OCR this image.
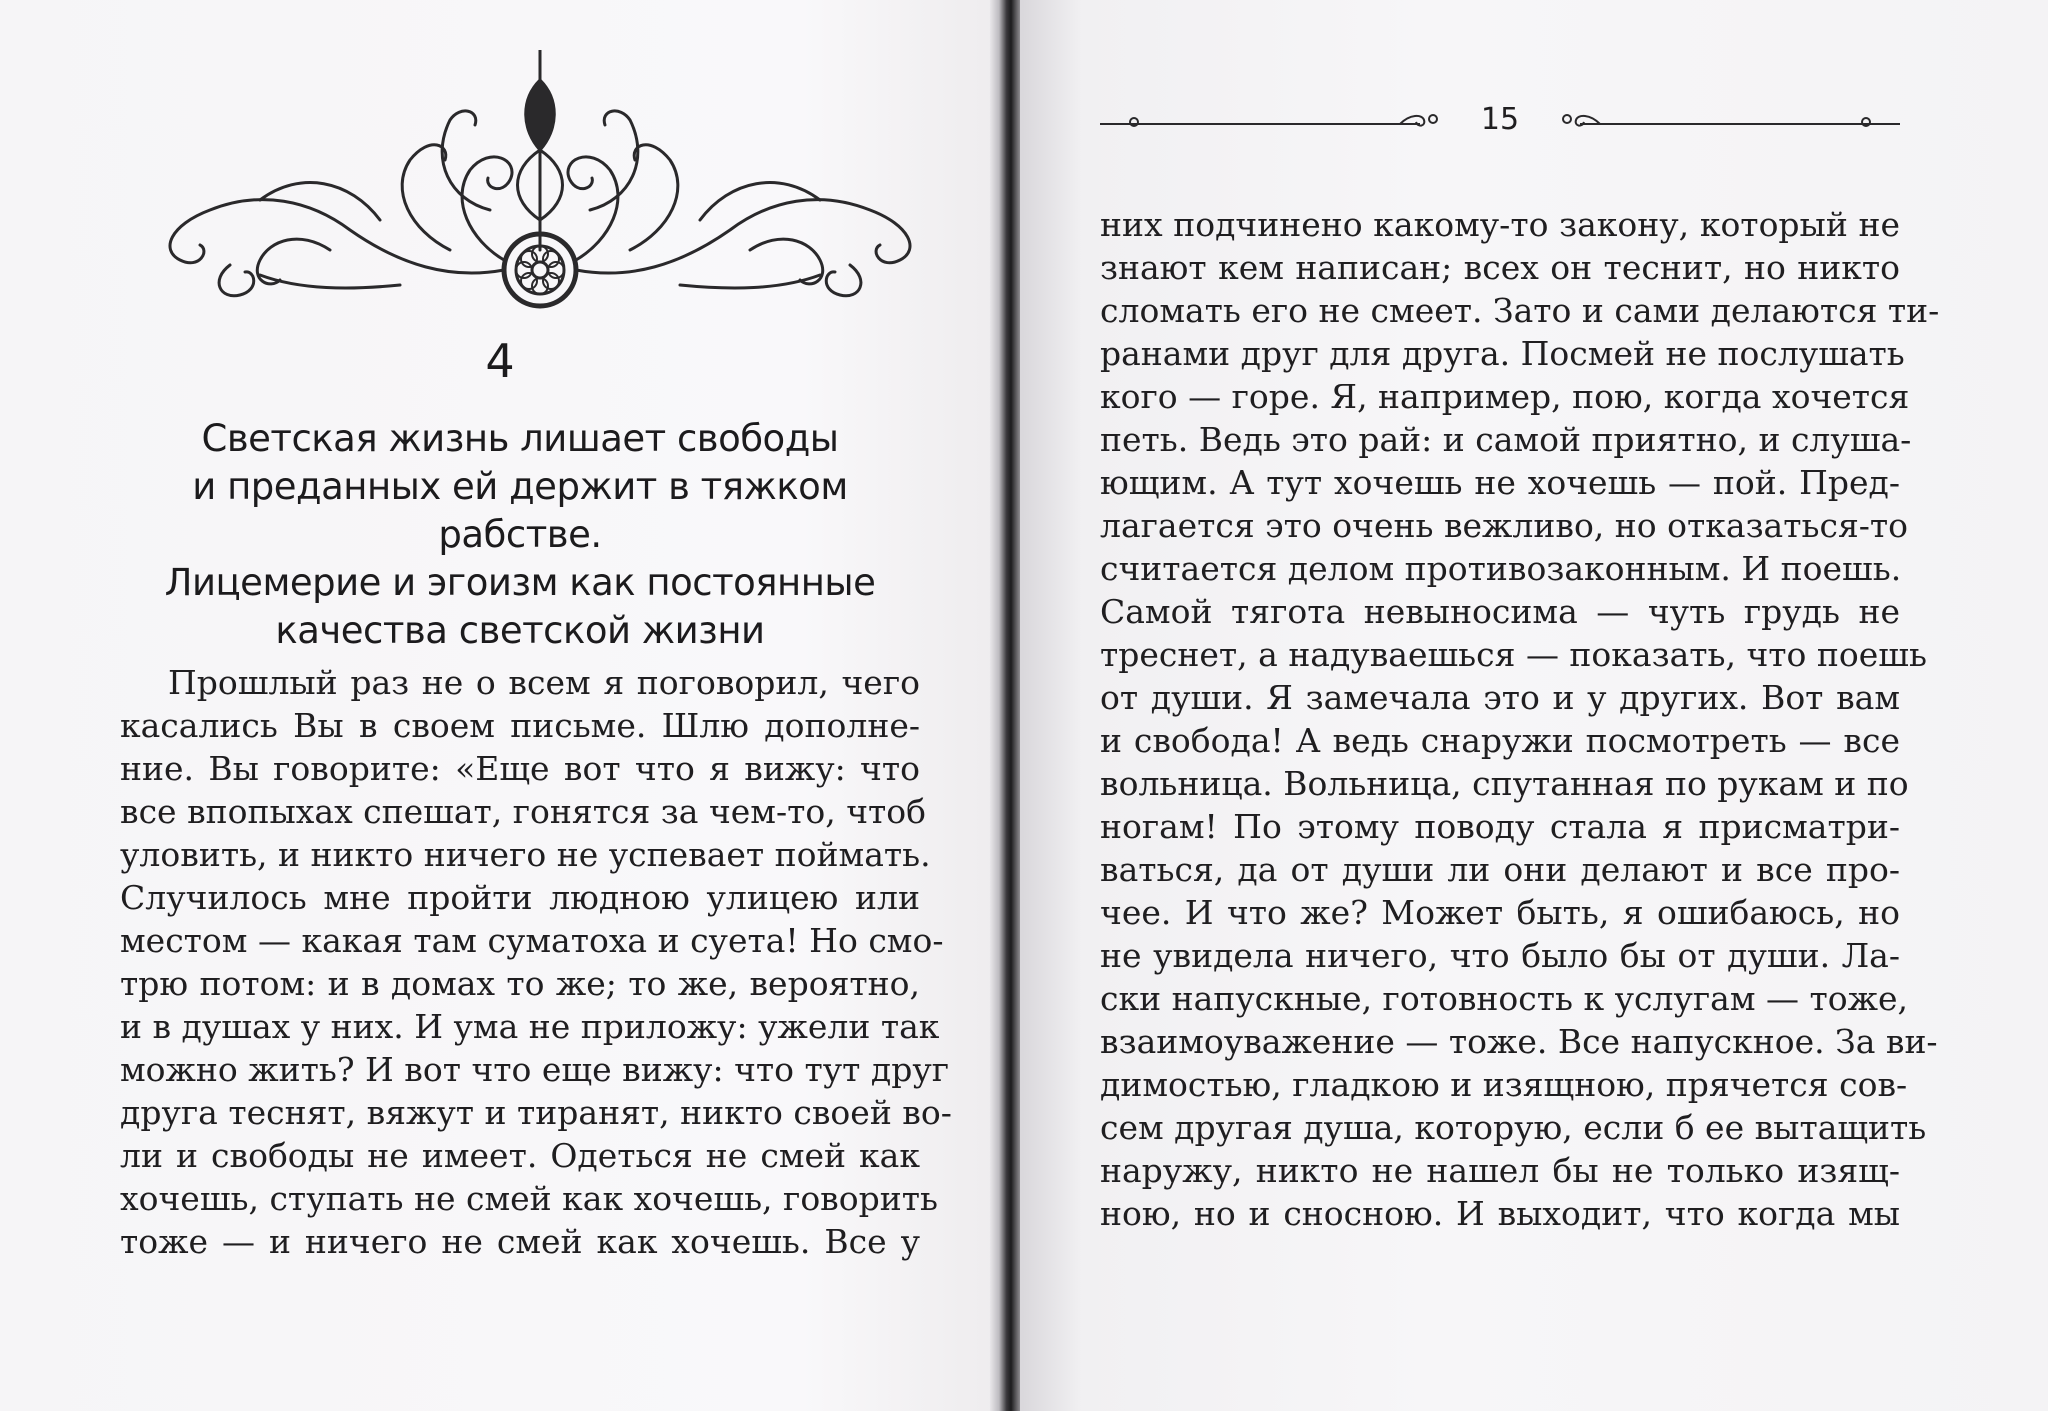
4
Светская жизнь лишает свободы
и преданных ей держит в тяжком рабстве.
Лицемерие и эгоизм как постоянные
качества светской жизни

Прошлый раз не о всем я поговорил, чего

касались Вы в своем письме. Шлю дополне-

ние. Вы говорите: «Еще вот что я вижу: что

все впопыхах спешат, гонятся за чем-то, чтоб

уловить, и никто ничего не успевает поймать.

Случилось мне пройти людною улицею или

местом — какая там суматоха и суета! Но смо-

трю потом: и в домах то же; то же, вероятно,

и в душах у них. И ума не приложу: ужели так

можно жить? И вот что еще вижу: что тут друг

друга теснят, вяжут и тиранят, никто своей во-

ли и свободы не имеет. Одеться не смей как

хочешь, ступать не смей как хочешь, говорить

тоже — и ничего не смей как хочешь. Все у

15

них подчинено какому-то закону, который не

знают кем написан; всех он теснит, но никто

сломать его не смеет. Зато и сами делаются ти-

ранами друг для друга. Посмей не послушать

кого — горе. Я, например, пою, когда хочется

петь. Ведь это рай: и самой приятно, и слуша-

ющим. А тут хочешь не хочешь — пой. Пред-

лагается это очень вежливо, но отказаться-то

считается делом противозаконным. И поешь.

Самой тягота невыносима — чуть грудь не

треснет, а надуваешься — показать, что поешь

от души. Я замечала это и у других. Вот вам

и свобода! А ведь снаружи посмотреть — все

вольница. Вольница, спутанная по рукам и по

ногам! По этому поводу стала я присматри-

ваться, да от души ли они делают и все про-

чее. И что же? Может быть, я ошибаюсь, но

не увидела ничего, что было бы от души. Ла-

ски напускные, готовность к услугам — тоже,

взаимоуважение — тоже. Все напускное. За ви-

димостью, гладкою и изящною, прячется сов-

сем другая душа, которую, если б ее вытащить

наружу, никто не нашел бы не только изящ-

ною, но и сносною. И выходит, что когда мы
